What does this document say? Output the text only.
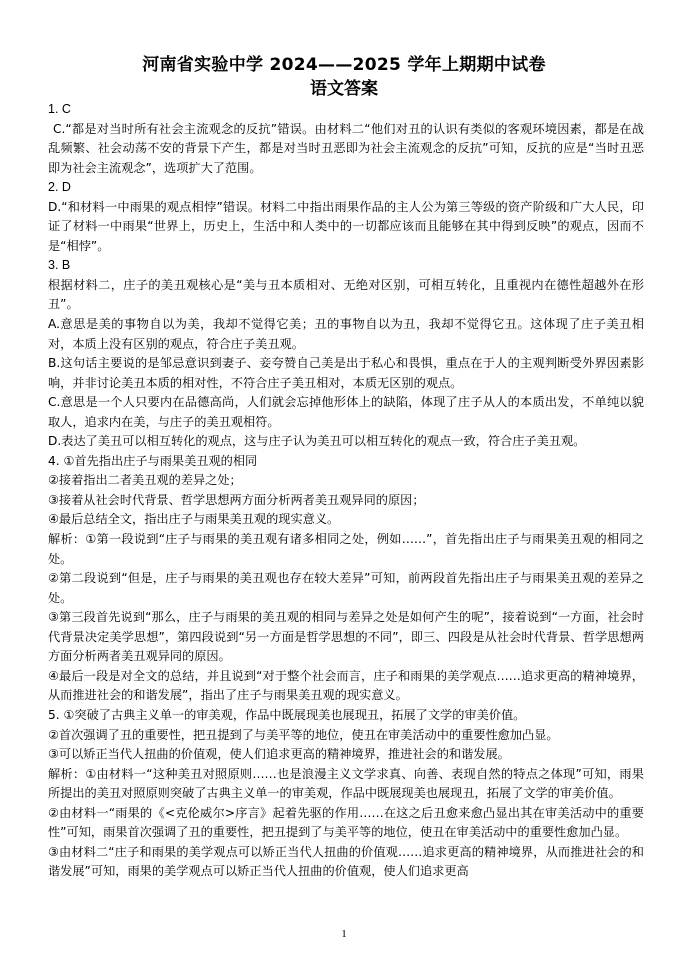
河南省实验中学 2024——2025 学年上期期中试卷
语文答案

1. C

C.“都是对当时所有社会主流观念的反抗”错误。由材料二“他们对丑的认识有类似的客观环境因素，都是在战乱频繁、社会动荡不安的背景下产生，都是对当时丑恶即为社会主流观念的反抗”可知，反抗的应是“当时丑恶即为社会主流观念”，选项扩大了范围。

2. D

D.“和材料一中雨果的观点相悖”错误。材料二中指出雨果作品的主人公为第三等级的资产阶级和广大人民，印证了材料一中雨果“世界上，历史上，生活中和人类中的一切都应该而且能够在其中得到反映”的观点，因而不是“相悖”。

3. B

根据材料二，庄子的美丑观核心是“美与丑本质相对、无绝对区别，可相互转化，且重视内在德性超越外在形丑”。

A.意思是美的事物自以为美，我却不觉得它美；丑的事物自以为丑，我却不觉得它丑。这体现了庄子美丑相对，本质上没有区别的观点，符合庄子美丑观。

B.这句话主要说的是邹忌意识到妻子、妾夸赞自己美是出于私心和畏惧，重点在于人的主观判断受外界因素影响，并非讨论美丑本质的相对性，不符合庄子美丑相对，本质无区别的观点。

C.意思是一个人只要内在品德高尚，人们就会忘掉他形体上的缺陷，体现了庄子从人的本质出发，不单纯以貌取人，追求内在美，与庄子的美丑观相符。

D.表达了美丑可以相互转化的观点，这与庄子认为美丑可以相互转化的观点一致，符合庄子美丑观。

4. ①首先指出庄子与雨果美丑观的相同

②接着指出二者美丑观的差异之处；

③接着从社会时代背景、哲学思想两方面分析两者美丑观异同的原因；

④最后总结全文，指出庄子与雨果美丑观的现实意义。

解析：①第一段说到“庄子与雨果的美丑观有诸多相同之处，例如……”，首先指出庄子与雨果美丑观的相同之处。

②第二段说到“但是，庄子与雨果的美丑观也存在较大差异”可知，前两段首先指出庄子与雨果美丑观的差异之处。

③第三段首先说到“那么，庄子与雨果的美丑观的相同与差异之处是如何产生的呢”，接着说到“一方面，社会时代背景决定美学思想”，第四段说到“另一方面是哲学思想的不同”，即三、四段是从社会时代背景、哲学思想两方面分析两者美丑观异同的原因。

④最后一段是对全文的总结，并且说到“对于整个社会而言，庄子和雨果的美学观点……追求更高的精神境界，从而推进社会的和谐发展”，指出了庄子与雨果美丑观的现实意义。

5. ①突破了古典主义单一的审美观，作品中既展现美也展现丑，拓展了文学的审美价值。

②首次强调了丑的重要性，把丑提到了与美平等的地位，使丑在审美活动中的重要性愈加凸显。

③可以矫正当代人扭曲的价值观，使人们追求更高的精神境界，推进社会的和谐发展。

解析：①由材料一“这种美丑对照原则……也是浪漫主义文学求真、向善、表现自然的特点之体现”可知，雨果所提出的美丑对照原则突破了古典主义单一的审美观，作品中既展现美也展现丑，拓展了文学的审美价值。

②由材料一“雨果的《<克伦威尔>序言》起着先驱的作用……在这之后丑愈来愈凸显出其在审美活动中的重要性”可知，雨果首次强调了丑的重要性，把丑提到了与美平等的地位，使丑在审美活动中的重要性愈加凸显。

③由材料二“庄子和雨果的美学观点可以矫正当代人扭曲的价值观……追求更高的精神境界，从而推进社会的和谐发展”可知，雨果的美学观点可以矫正当代人扭曲的价值观，使人们追求更高

1
